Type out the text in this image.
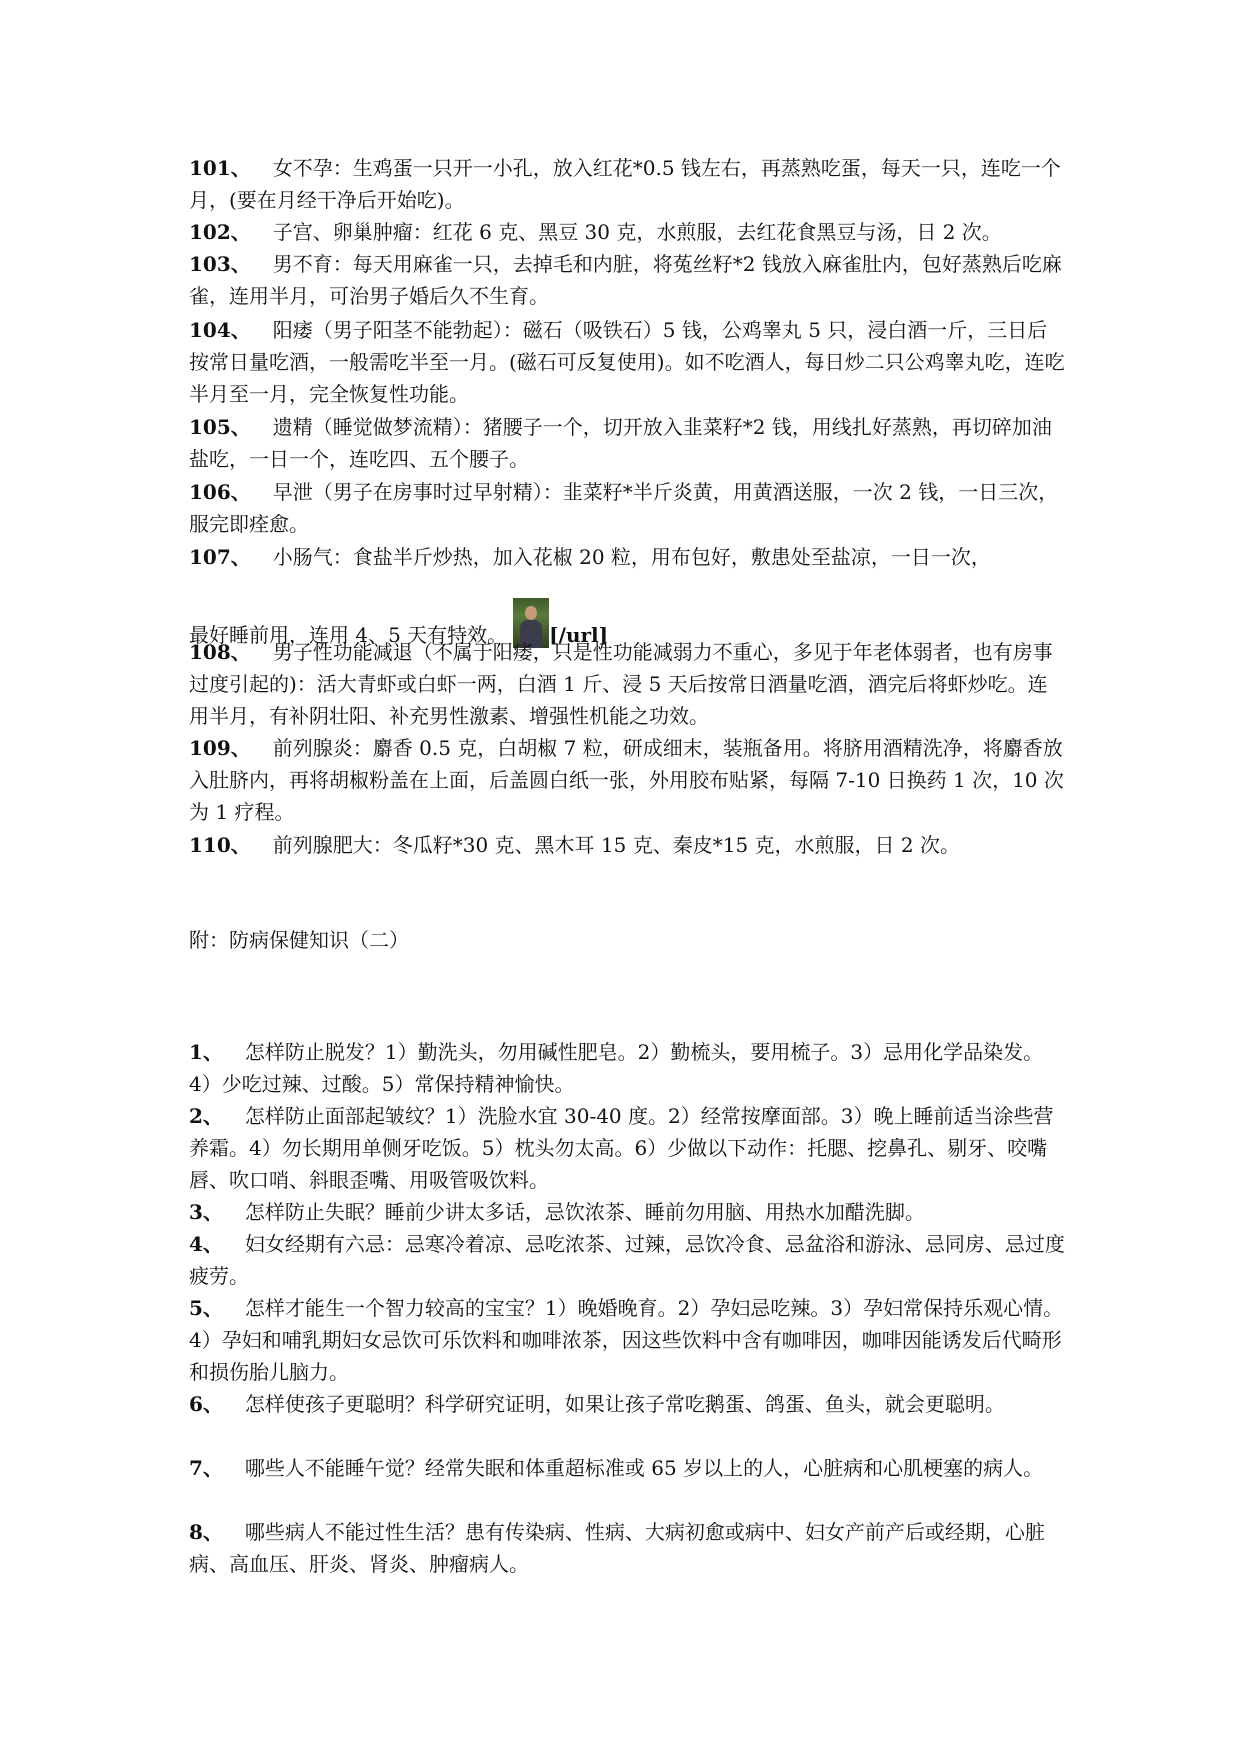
101、 女不孕：生鸡蛋一只开一小孔，放入红花*0.5 钱左右，再蒸熟吃蛋，每天一只，连吃一个月，(要在月经干净后开始吃)。

102、 子宫、卵巢肿瘤：红花 6 克、黑豆 30 克，水煎服，去红花食黑豆与汤，日 2 次。

103、 男不育：每天用麻雀一只，去掉毛和内脏，将菟丝籽*2 钱放入麻雀肚内，包好蒸熟后吃麻雀，连用半月，可治男子婚后久不生育。

104、 阳痿（男子阳茎不能勃起）：磁石（吸铁石）5 钱，公鸡睾丸 5 只，浸白酒一斤，三日后按常日量吃酒，一般需吃半至一月。(磁石可反复使用)。如不吃酒人，每日炒二只公鸡睾丸吃，连吃半月至一月，完全恢复性功能。

105、 遗精（睡觉做梦流精）：猪腰子一个，切开放入韭菜籽*2 钱，用线扎好蒸熟，再切碎加油盐吃，一日一个，连吃四、五个腰子。

106、 早泄（男子在房事时过早射精）：韭菜籽*半斤炎黄，用黄酒送服，一次 2 钱，一日三次，服完即痊愈。

107、 小肠气：食盐半斤炒热，加入花椒 20 粒，用布包好，敷患处至盐凉，一日一次，

最好睡前用，连用 4、5 天有特效。 [/url]

108、 男子性功能减退（不属于阳痿，只是性功能减弱力不重心，多见于年老体弱者，也有房事过度引起的)：活大青虾或白虾一两，白酒 1 斤、浸 5 天后按常日酒量吃酒，酒完后将虾炒吃。连用半月，有补阴壮阳、补充男性激素、增强性机能之功效。

109、 前列腺炎：麝香 0.5 克，白胡椒 7 粒，研成细末，装瓶备用。将脐用酒精洗净，将麝香放入肚脐内，再将胡椒粉盖在上面，后盖圆白纸一张，外用胶布贴紧，每隔 7-10 日换药 1 次，10 次为 1 疗程。

110、 前列腺肥大：冬瓜籽*30 克、黑木耳 15 克、秦皮*15 克，水煎服，日 2 次。

附：防病保健知识（二）

1、 怎样防止脱发？1）勤洗头，勿用碱性肥皂。2）勤梳头，要用梳子。3）忌用化学品染发。4）少吃过辣、过酸。5）常保持精神愉快。

2、 怎样防止面部起皱纹？1）洗脸水宜 30-40 度。2）经常按摩面部。3）晚上睡前适当涂些营养霜。4）勿长期用单侧牙吃饭。5）枕头勿太高。6）少做以下动作：托腮、挖鼻孔、剔牙、咬嘴唇、吹口哨、斜眼歪嘴、用吸管吸饮料。

3、 怎样防止失眠？睡前少讲太多话，忌饮浓茶、睡前勿用脑、用热水加醋洗脚。

4、 妇女经期有六忌：忌寒冷着凉、忌吃浓茶、过辣，忌饮冷食、忌盆浴和游泳、忌同房、忌过度疲劳。

5、 怎样才能生一个智力较高的宝宝？1）晚婚晚育。2）孕妇忌吃辣。3）孕妇常保持乐观心情。4）孕妇和哺乳期妇女忌饮可乐饮料和咖啡浓茶，因这些饮料中含有咖啡因，咖啡因能诱发后代畸形和损伤胎儿脑力。

6、 怎样使孩子更聪明？科学研究证明，如果让孩子常吃鹅蛋、鸽蛋、鱼头，就会更聪明。

7、 哪些人不能睡午觉？经常失眠和体重超标准或 65 岁以上的人，心脏病和心肌梗塞的病人。

8、 哪些病人不能过性生活？患有传染病、性病、大病初愈或病中、妇女产前产后或经期，心脏病、高血压、肝炎、肾炎、肿瘤病人。
